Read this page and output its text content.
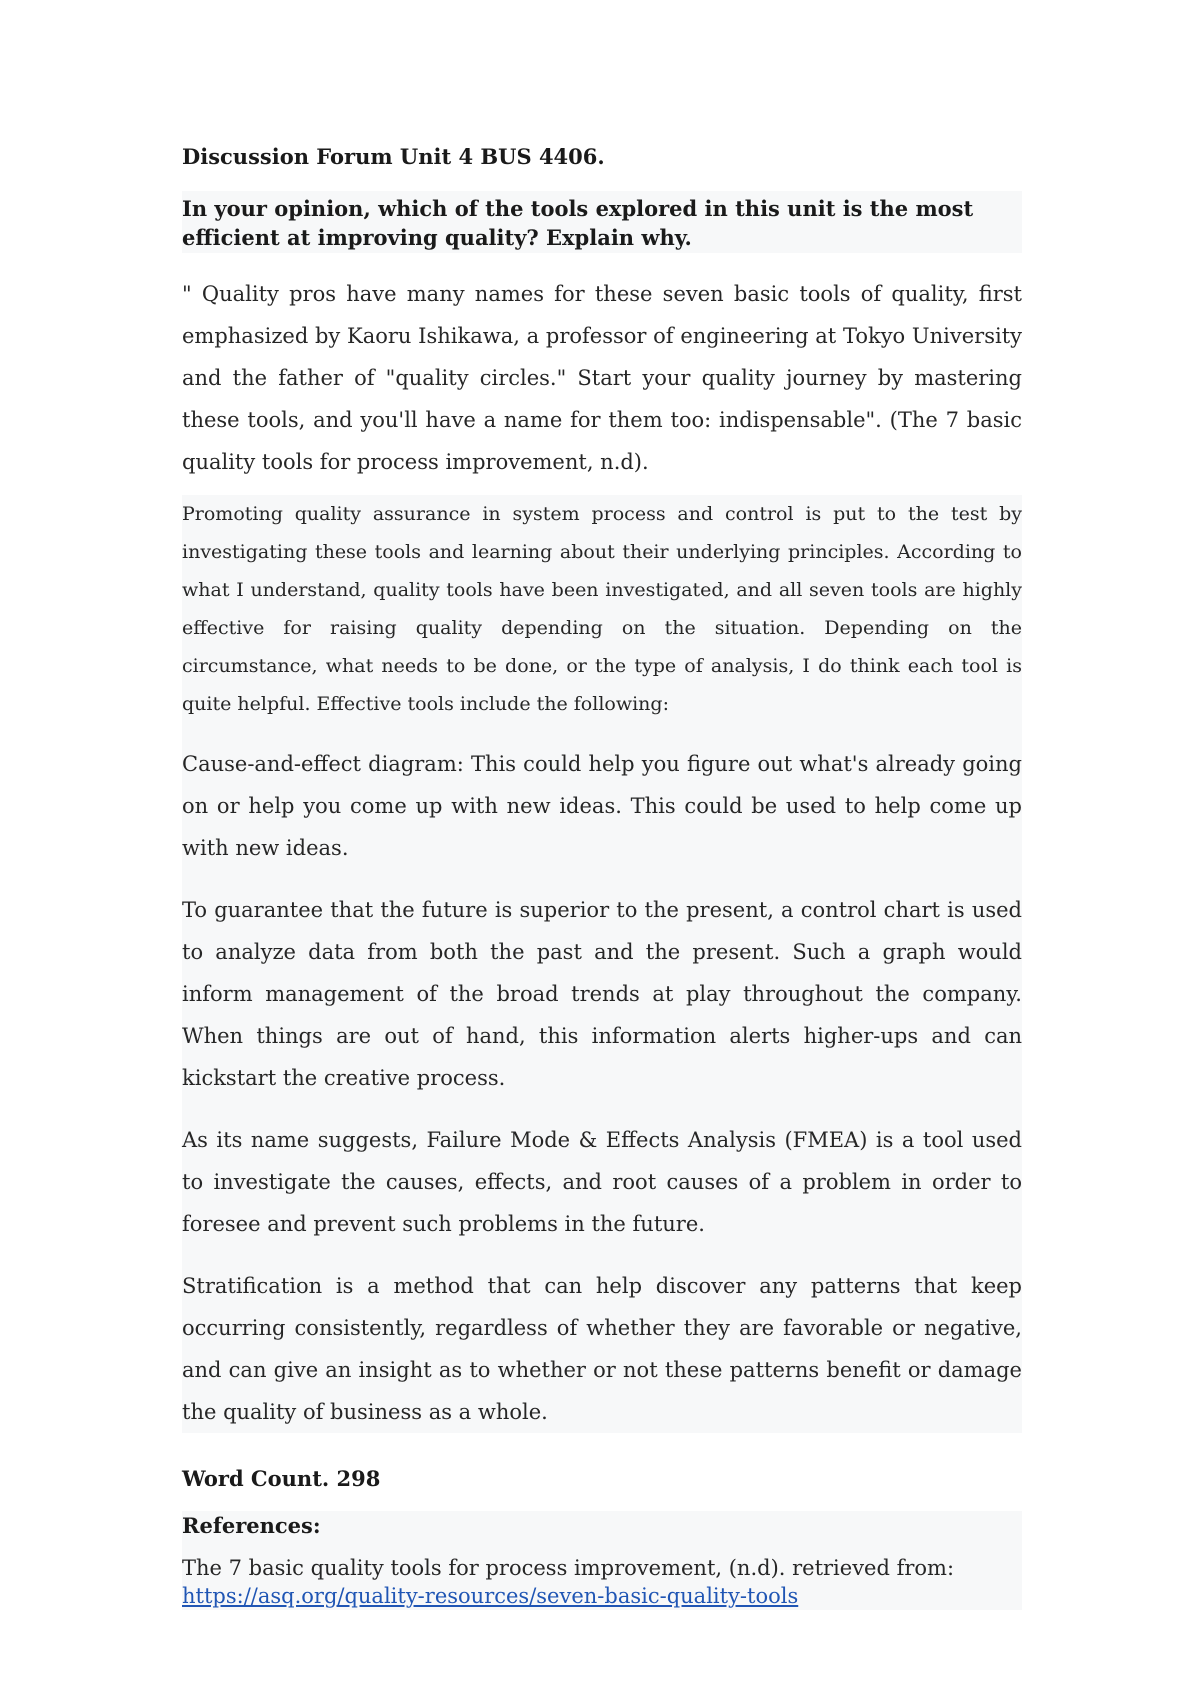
Discussion Forum Unit 4 BUS 4406.
In your opinion, which of the tools explored in this unit is the most efficient at improving quality? Explain why.

" Quality pros have many names for these seven basic tools of quality, first emphasized by Kaoru Ishikawa, a professor of engineering at Tokyo University and the father of "quality circles." Start your quality journey by mastering these tools, and you'll have a name for them too: indispensable". (The 7 basic quality tools for process improvement, n.d).

Promoting quality assurance in system process and control is put to the test by investigating these tools and learning about their underlying principles. According to what I understand, quality tools have been investigated, and all seven tools are highly effective for raising quality depending on the situation. Depending on the circumstance, what needs to be done, or the type of analysis, I do think each tool is quite helpful. Effective tools include the following:

Cause-and-effect diagram: This could help you figure out what's already going on or help you come up with new ideas. This could be used to help come up with new ideas.

To guarantee that the future is superior to the present, a control chart is used to analyze data from both the past and the present. Such a graph would inform management of the broad trends at play throughout the company. When things are out of hand, this information alerts higher-ups and can kickstart the creative process.

As its name suggests, Failure Mode & Effects Analysis (FMEA) is a tool used to investigate the causes, effects, and root causes of a problem in order to foresee and prevent such problems in the future.

Stratification is a method that can help discover any patterns that keep occurring consistently, regardless of whether they are favorable or negative, and can give an insight as to whether or not these patterns benefit or damage the quality of business as a whole.

Word Count. 298
References:

The 7 basic quality tools for process improvement, (n.d). retrieved from:
https://asq.org/quality-resources/seven-basic-quality-tools
